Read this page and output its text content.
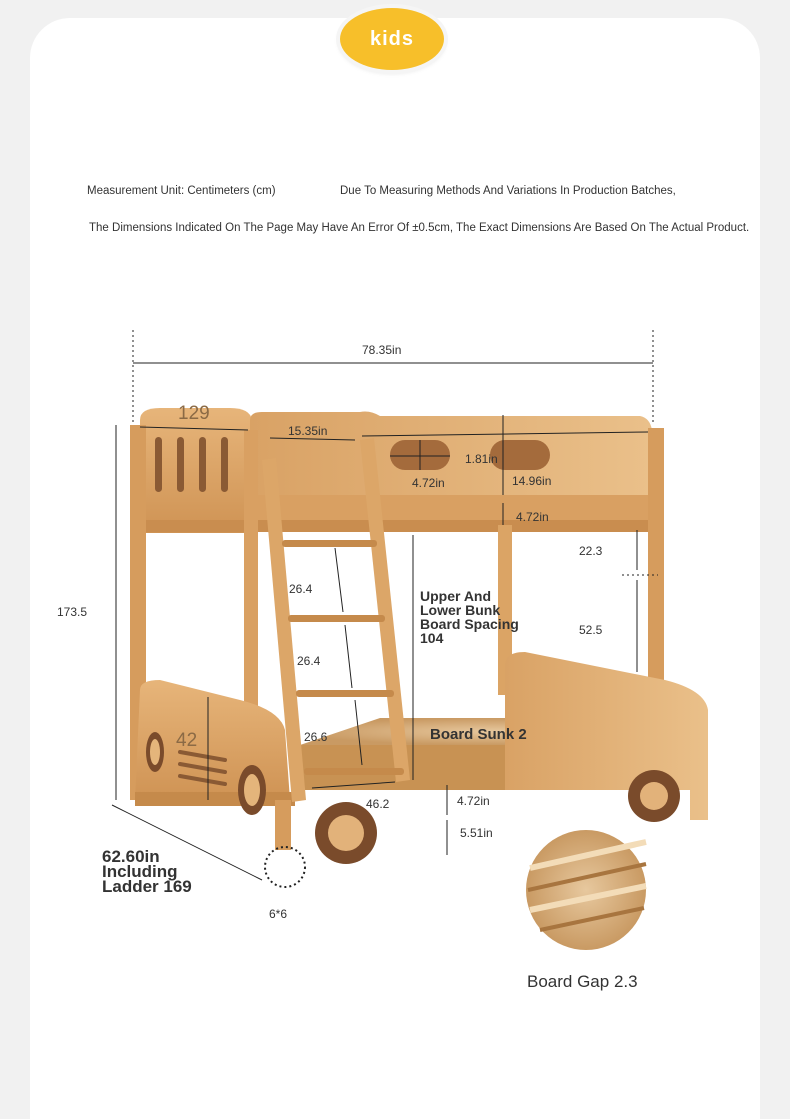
kids
Measurement Unit: Centimeters (cm)	Due To Measuring Methods And Variations In Production Batches,
The Dimensions Indicated On The Page May Have An Error Of ±0.5cm, The Exact Dimensions Are Based On The Actual Product.
78.35in
129
15.35in
4.72in
1.81in
14.96in
4.72in
22.3
52.5
173.5
26.4
26.4
26.6
Upper And Lower Bunk Board Spacing 104
Board Sunk 2
42
46.2	4.72in
5.51in
62.60in Including Ladder 169
6*6
Board Gap 2.3
